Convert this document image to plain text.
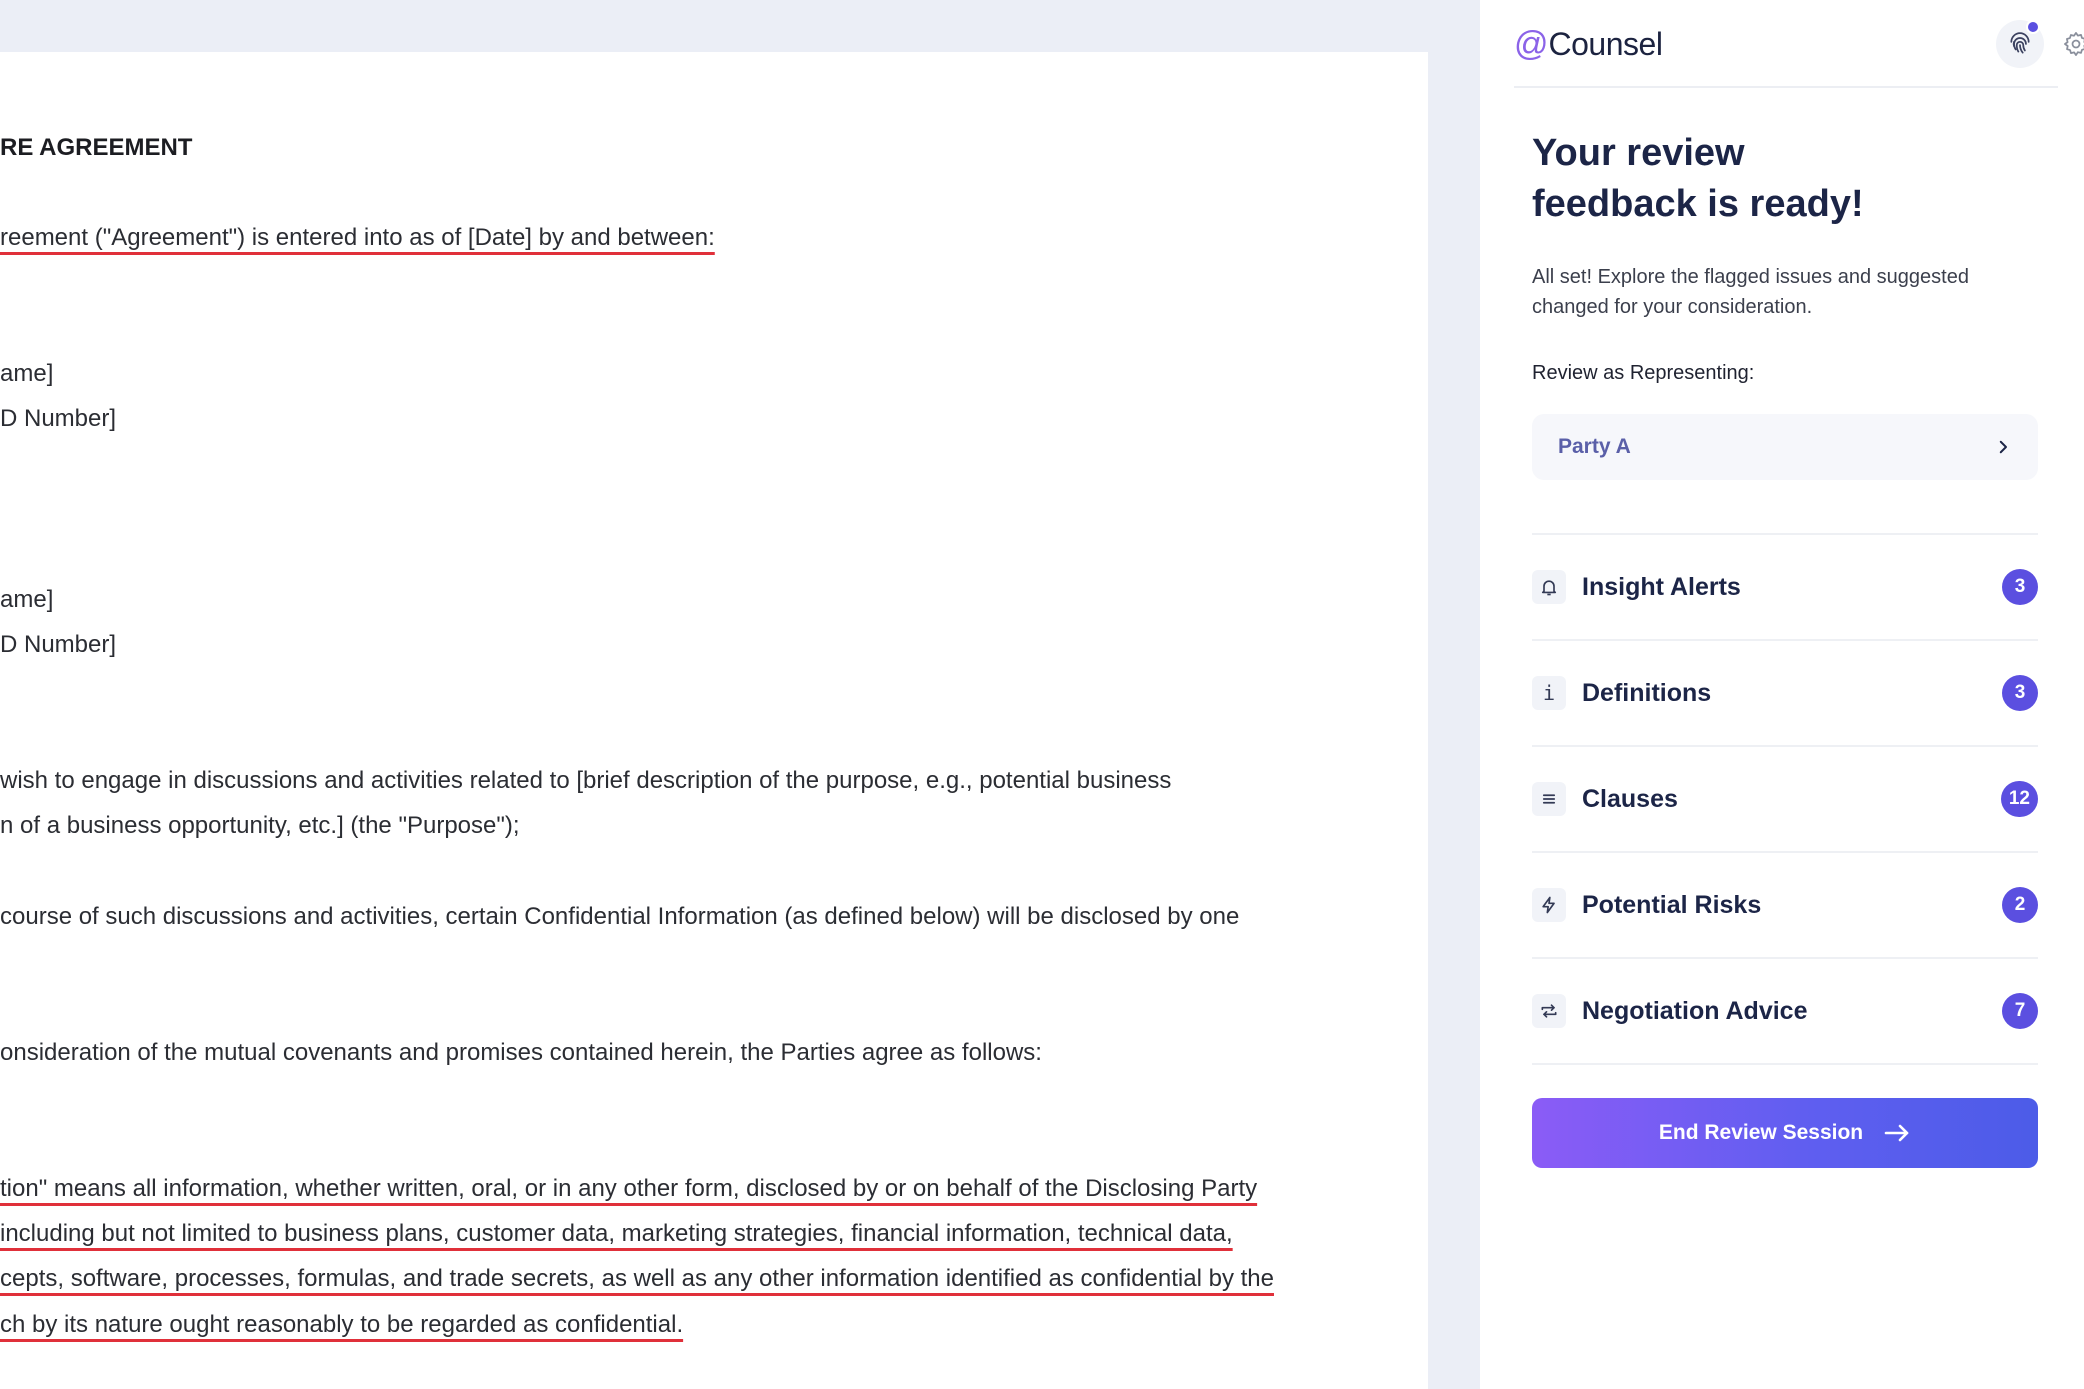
RE AGREEMENT
reement ("Agreement") is entered into as of [Date] by and between:
ame]
D Number]
ame]
D Number]
wish to engage in discussions and activities related to [brief description of the purpose, e.g., potential business
n of a business opportunity, etc.] (the "Purpose");
course of such discussions and activities, certain Confidential Information (as defined below) will be disclosed by one
onsideration of the mutual covenants and promises contained herein, the Parties agree as follows:
tion" means all information, whether written, oral, or in any other form, disclosed by or on behalf of the Disclosing Party
including but not limited to business plans, customer data, marketing strategies, financial information, technical data,
cepts, software, processes, formulas, and trade secrets, as well as any other information identified as confidential by the
ch by its nature ought reasonably to be regarded as confidential.
@ Counsel
Your review
feedback is ready!
All set! Explore the flagged issues and suggested changed for your consideration.
Review as Representing:
Party A
Insight Alerts	3
i	Definitions	3
Clauses	12
Potential Risks	2
Negotiation Advice	7
End Review Session
